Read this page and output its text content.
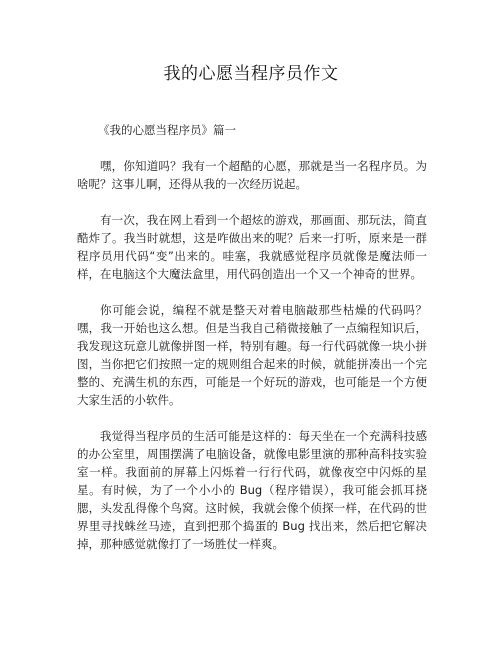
我的心愿当程序员作文

《我的心愿当程序员》篇一

嘿，你知道吗？我有一个超酷的心愿，那就是当一名程序员。为啥呢？这事儿啊，还得从我的一次经历说起。

有一次，我在网上看到一个超炫的游戏，那画面、那玩法，简直酷炸了。我当时就想，这是咋做出来的呢？后来一打听，原来是一群程序员用代码“变”出来的。哇塞，我就感觉程序员就像是魔法师一样，在电脑这个大魔法盒里，用代码创造出一个又一个神奇的世界。

你可能会说，编程不就是整天对着电脑敲那些枯燥的代码吗？嘿，我一开始也这么想。但是当我自己稍微接触了一点编程知识后，我发现这玩意儿就像拼图一样，特别有趣。每一行代码就像一块小拼图，当你把它们按照一定的规则组合起来的时候，就能拼凑出一个完整的、充满生机的东西，可能是一个好玩的游戏，也可能是一个方便大家生活的小软件。

我觉得当程序员的生活可能是这样的：每天坐在一个充满科技感的办公室里，周围摆满了电脑设备，就像电影里演的那种高科技实验室一样。我面前的屏幕上闪烁着一行行代码，就像夜空中闪烁的星星。有时候，为了一个小小的 Bug（程序错误），我可能会抓耳挠腮，头发乱得像个鸟窝。这时候，我就会像个侦探一样，在代码的世界里寻找蛛丝马迹，直到把那个捣蛋的 Bug 找出来，然后把它解决掉，那种感觉就像打了一场胜仗一样爽。
